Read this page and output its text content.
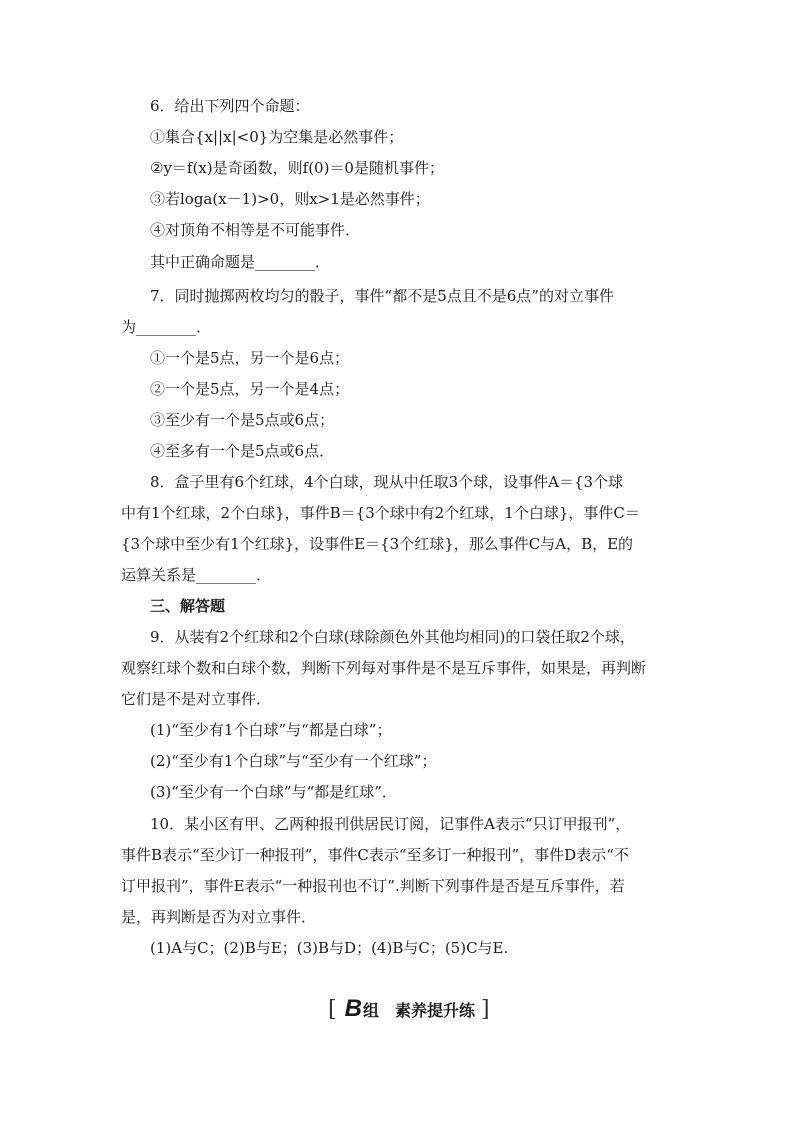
6．给出下列四个命题：
①集合{x||x|<0}为空集是必然事件；
②y＝f(x)是奇函数，则f(0)＝0是随机事件；
③若loga(x－1)>0，则x>1是必然事件；
④对顶角不相等是不可能事件．
其中正确命题是________．
7．同时抛掷两枚均匀的骰子，事件“都不是5点且不是6点”的对立事件
为________．
①一个是5点，另一个是6点；
②一个是5点，另一个是4点；
③至少有一个是5点或6点；
④至多有一个是5点或6点．
8．盒子里有6个红球，4个白球，现从中任取3个球，设事件A＝{3个球
中有1个红球，2个白球}，事件B＝{3个球中有2个红球，1个白球}，事件C＝
{3个球中至少有1个红球}，设事件E＝{3个红球}，那么事件C与A，B，E的
运算关系是________．
三、解答题
9．从装有2个红球和2个白球(球除颜色外其他均相同)的口袋任取2个球，
观察红球个数和白球个数，判断下列每对事件是不是互斥事件，如果是，再判断
它们是不是对立事件．
(1)“至少有1个白球”与“都是白球”；
(2)“至少有1个白球”与“至少有一个红球”；
(3)“至少有一个白球”与“都是红球”．
10．某小区有甲、乙两种报刊供居民订阅，记事件A表示“只订甲报刊”，
事件B表示“至少订一种报刊”，事件C表示“至多订一种报刊”，事件D表示“不
订甲报刊”，事件E表示“一种报刊也不订”.判断下列事件是否是互斥事件，若
是，再判断是否为对立事件．
(1)A与C；(2)B与E；(3)B与D；(4)B与C；(5)C与E.
[ B 组　素养提升练 ]
